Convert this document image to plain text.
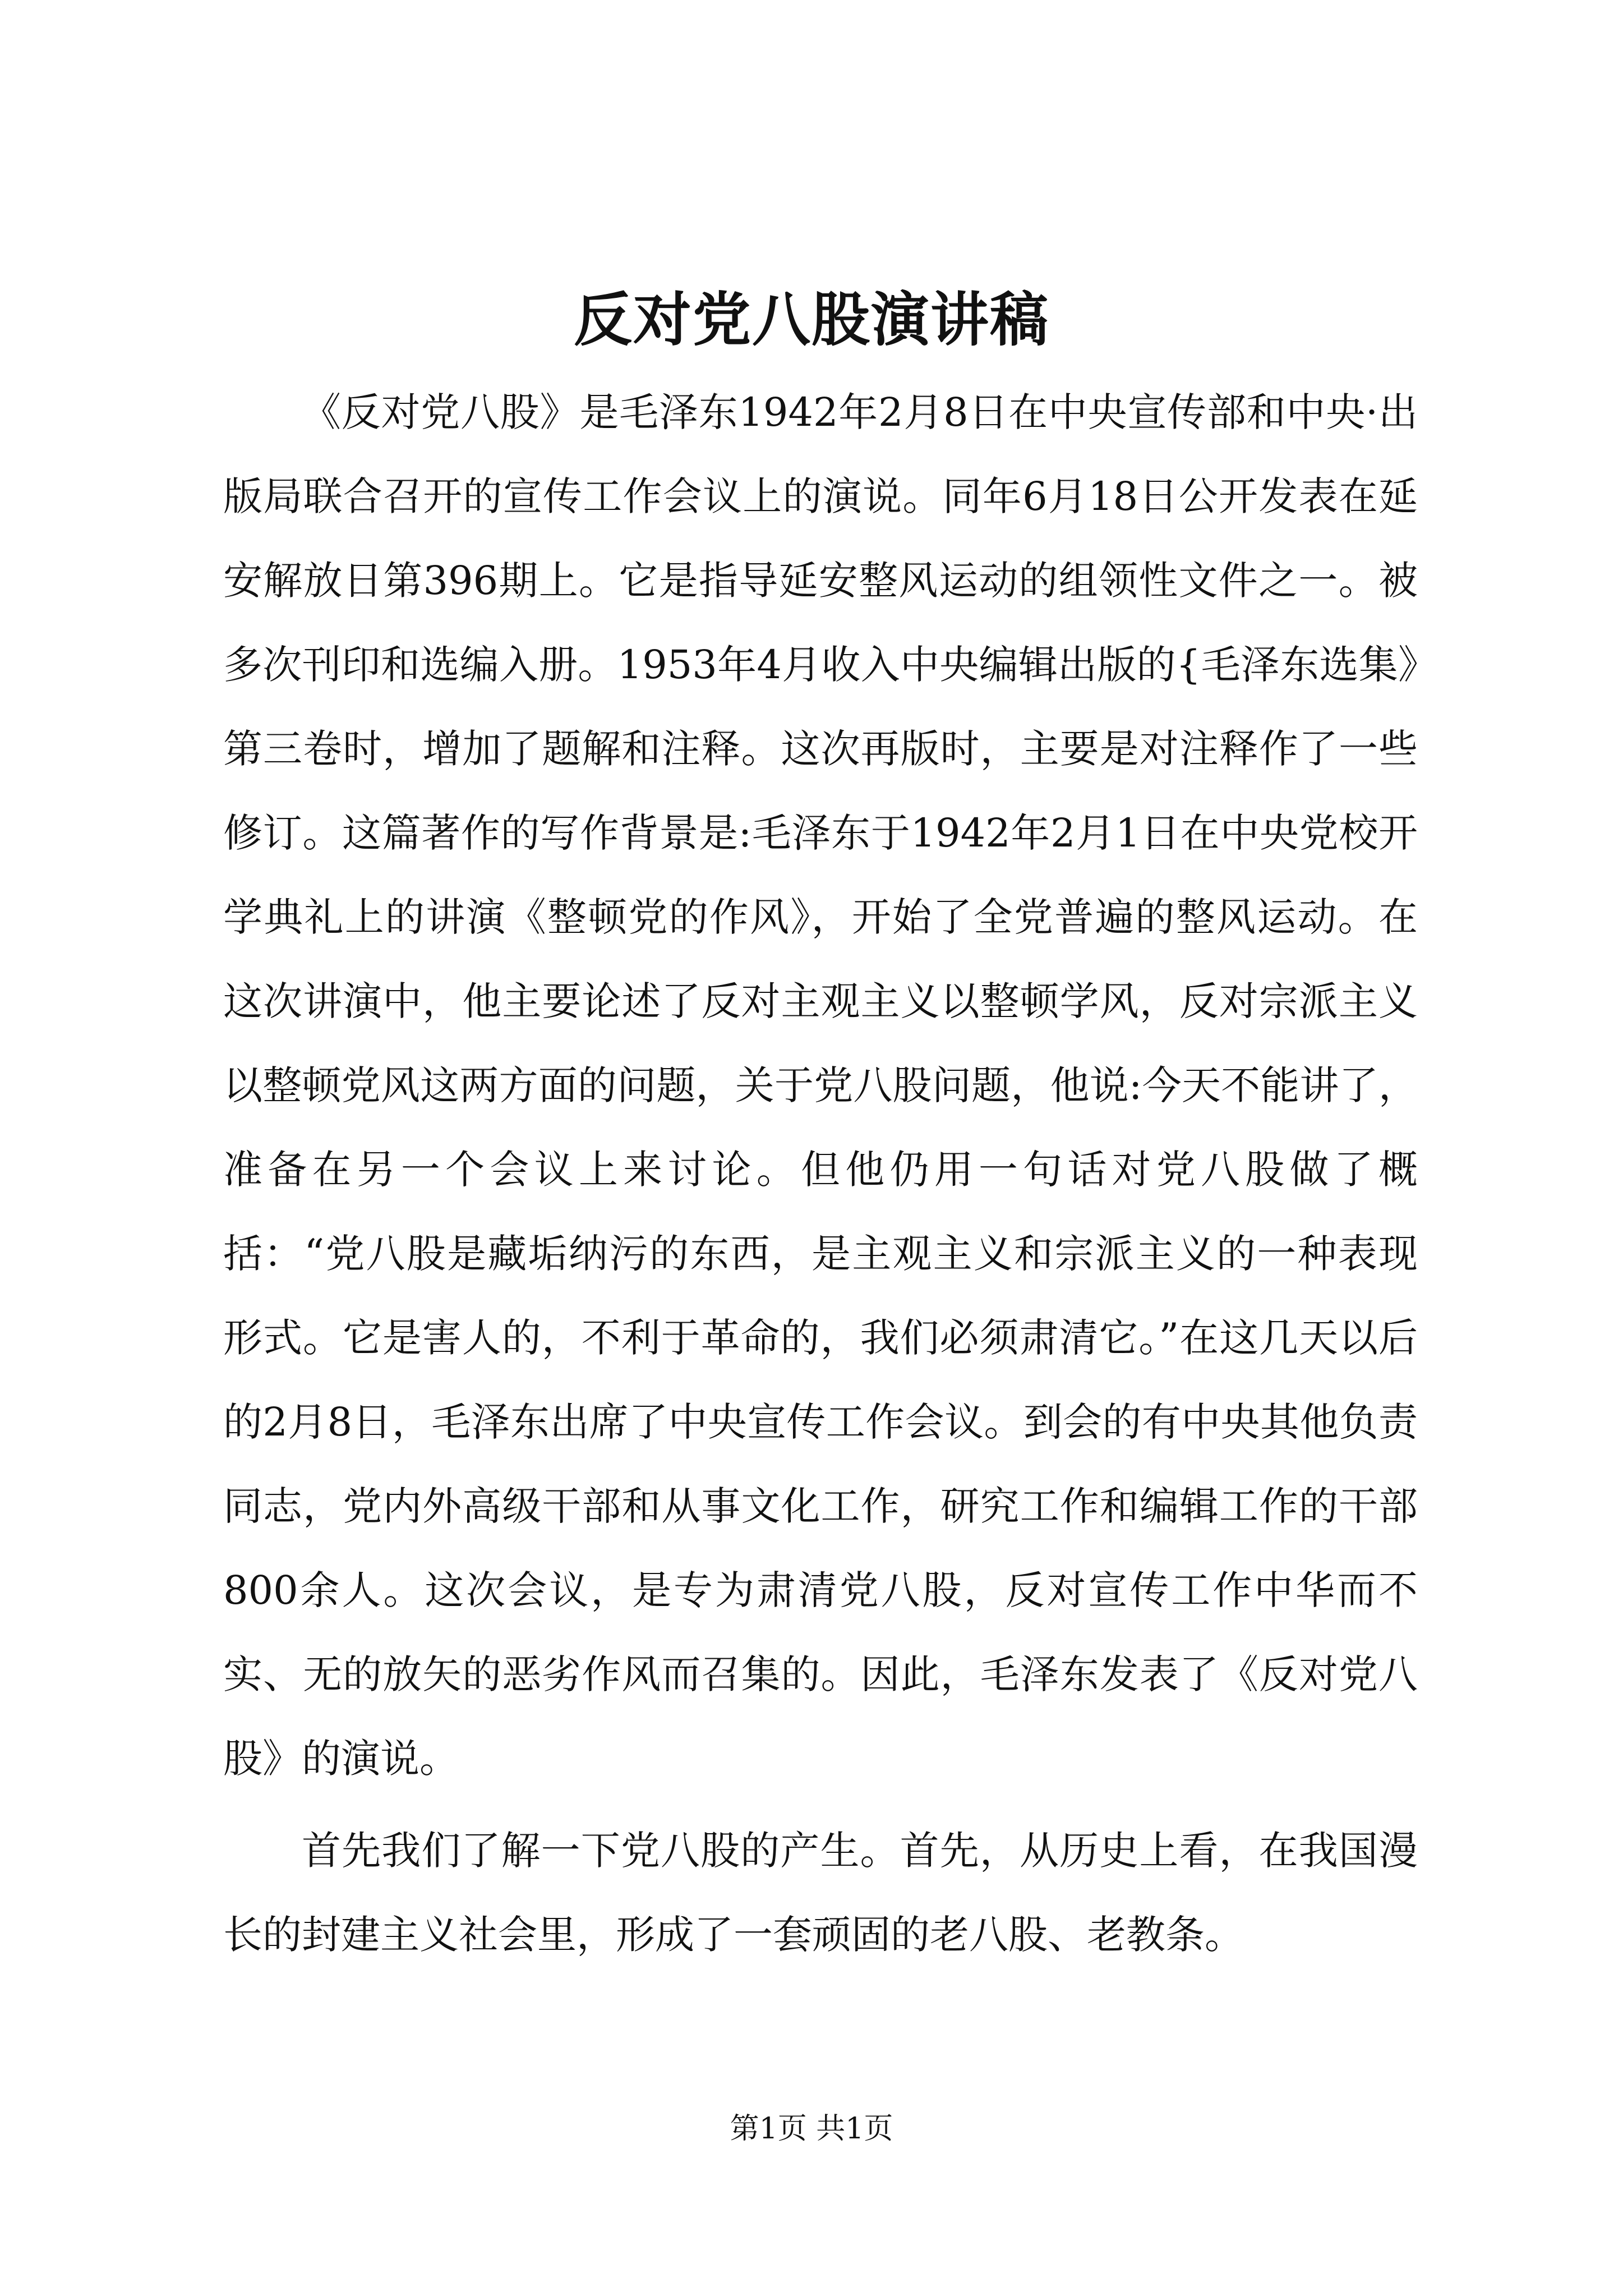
反对党八股演讲稿

《反对党八股》是毛泽东1942年2月8日在中央宣传部和中央·出版局联合召开的宣传工作会议上的演说。同年6月18日公开发表在延安解放日第396期上。它是指导延安整风运动的组领性文件之一。被多次刊印和选编入册。1953年4月收入中央编辑出版的{毛泽东选集》第三卷时，增加了题解和注释。这次再版时，主要是对注释作了一些修订。这篇著作的写作背景是:毛泽东于1942年2月1日在中央党校开学典礼上的讲演《整顿党的作风》，开始了全党普遍的整风运动。在这次讲演中，他主要论述了反对主观主义以整顿学风，反对宗派主义以整顿党风这两方面的问题，关于党八股问题，他说:今天不能讲了，准备在另一个会议上来讨论。但他仍用一句话对党八股做了概括：“党八股是藏垢纳污的东西，是主观主义和宗派主义的一种表现形式。它是害人的，不利于革命的，我们必须肃清它。”在这几天以后的2月8日，毛泽东出席了中央宣传工作会议。到会的有中央其他负责同志，党内外高级干部和从事文化工作，研究工作和编辑工作的干部800余人。这次会议，是专为肃清党八股，反对宣传工作中华而不实、无的放矢的恶劣作风而召集的。因此，毛泽东发表了《反对党八股》的演说。

首先我们了解一下党八股的产生。首先，从历史上看，在我国漫长的封建主义社会里，形成了一套顽固的老八股、老教条。

第1页 共1页
